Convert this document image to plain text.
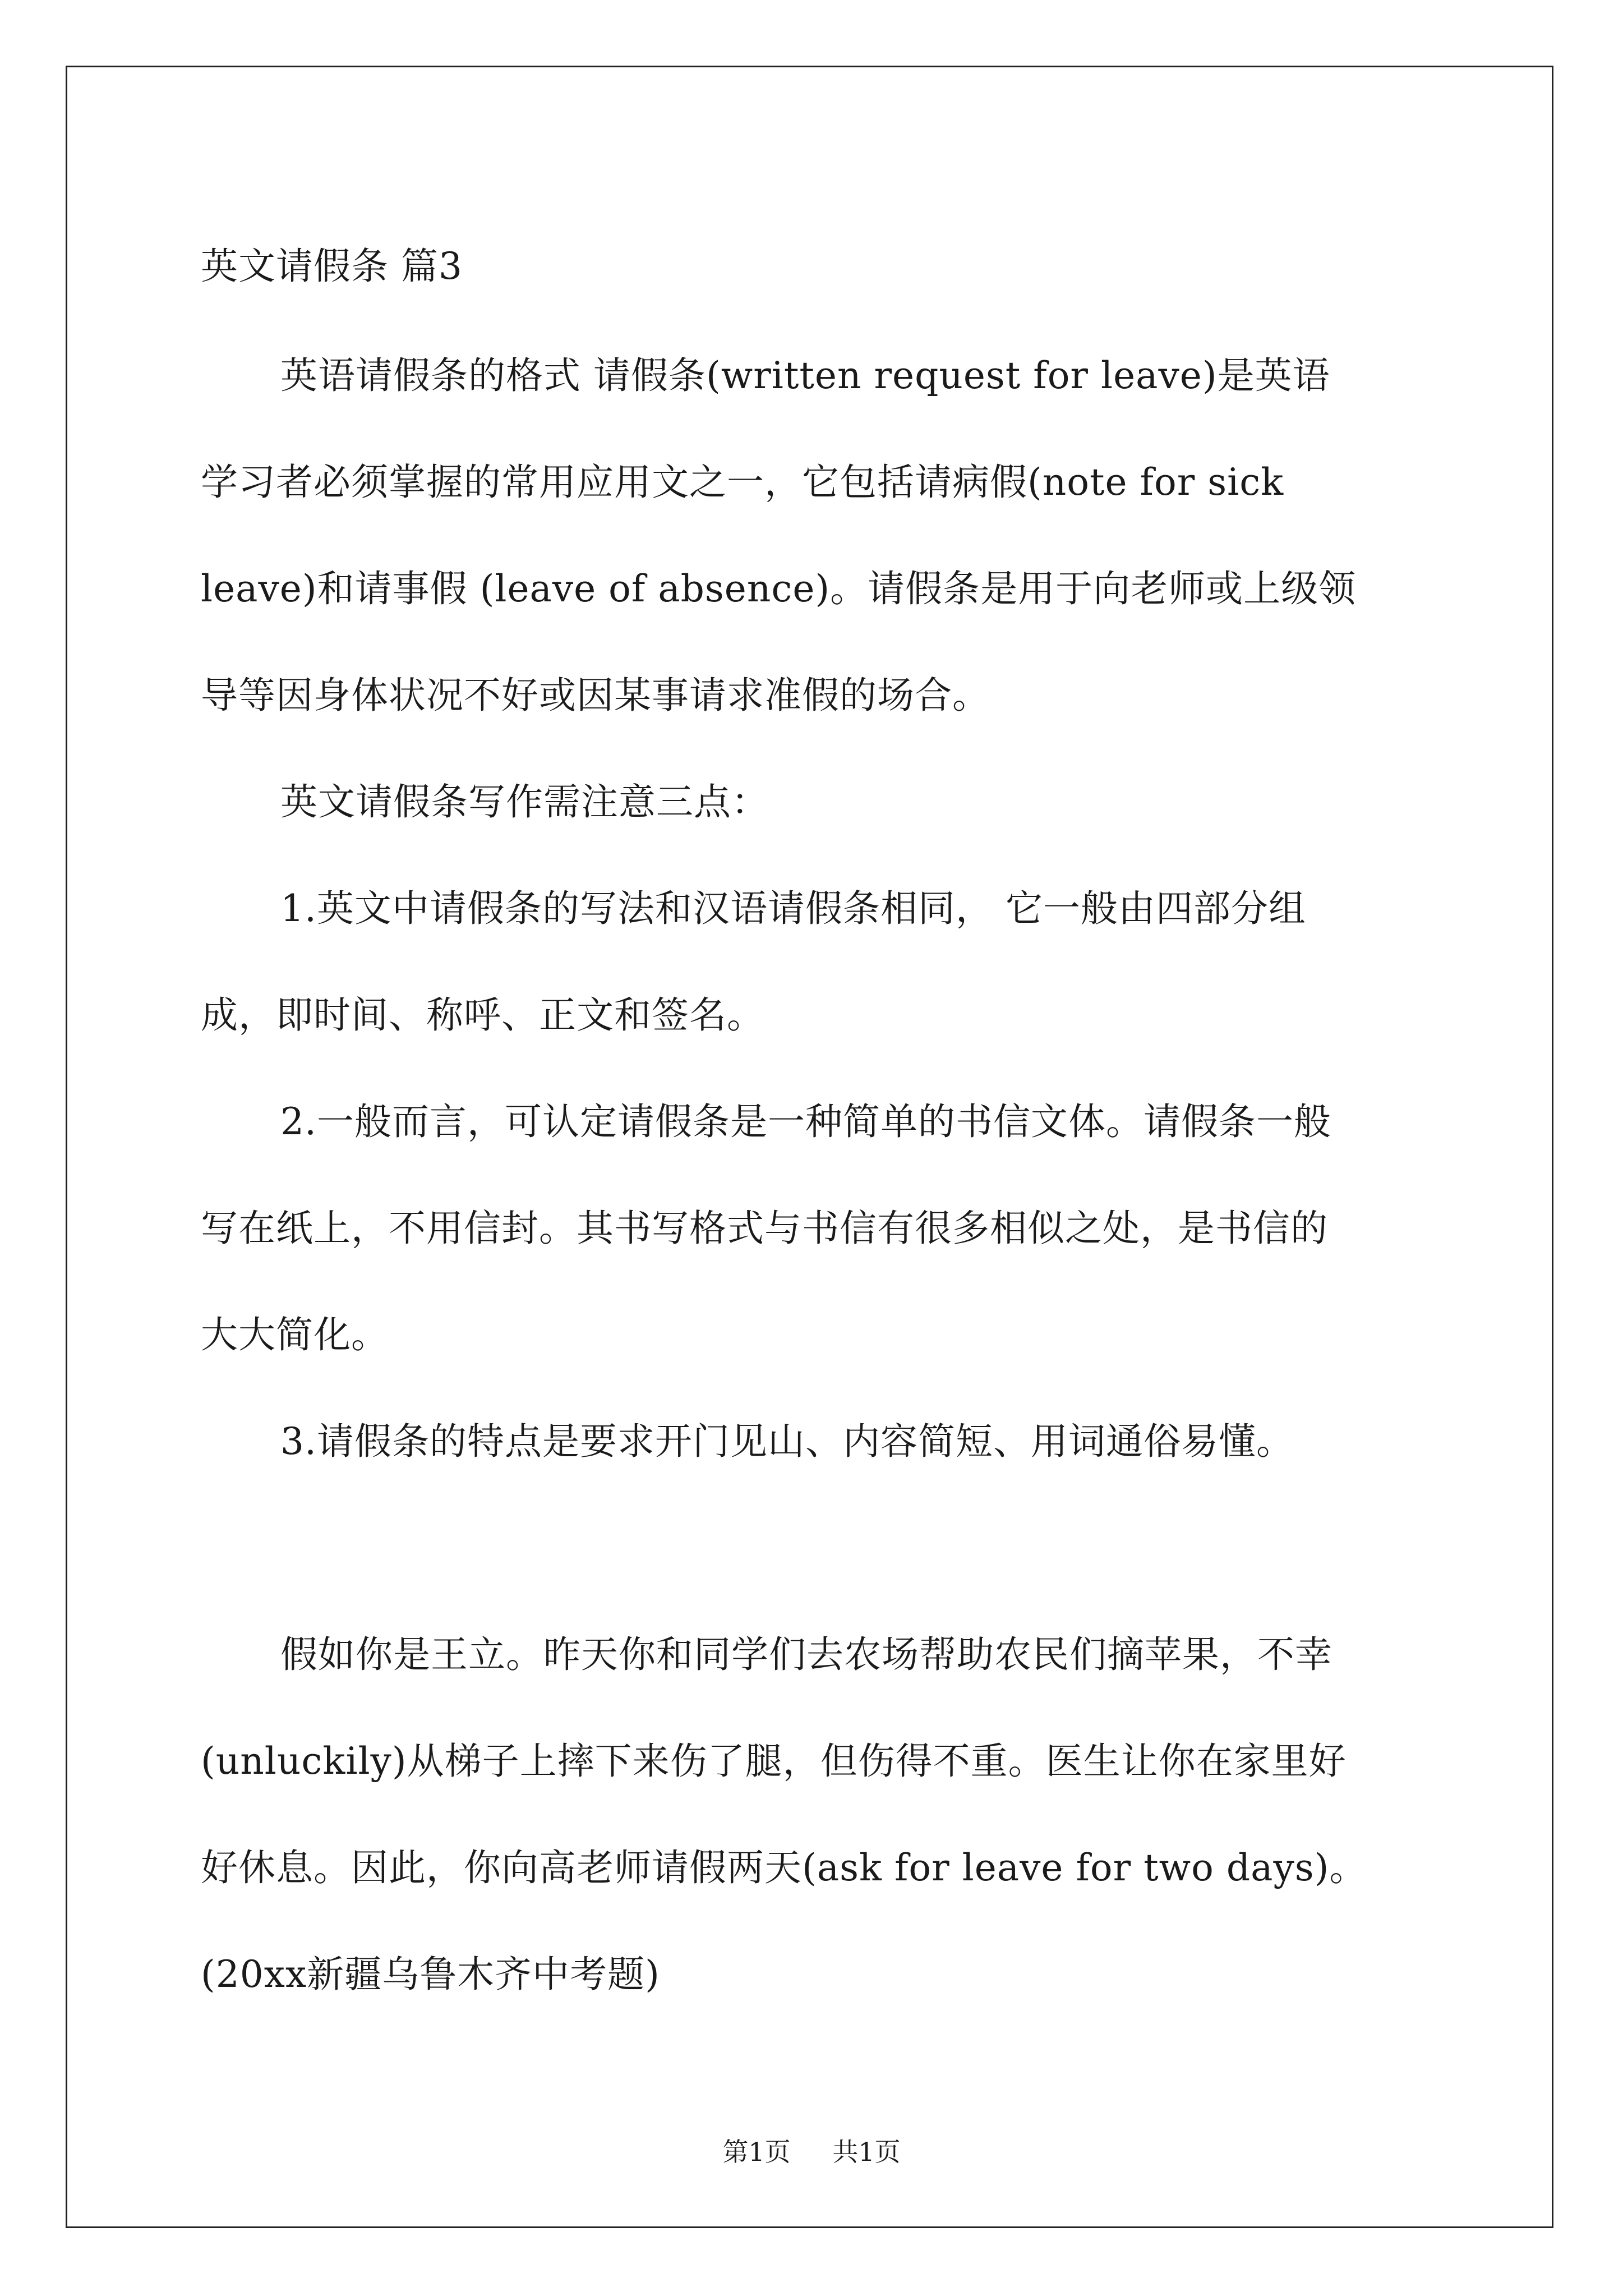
英文请假条 篇3
英语请假条的格式 请假条(written request for leave)是英语
学习者必须掌握的常用应用文之一，它包括请病假(note for sick
leave)和请事假 (leave of absence)。请假条是用于向老师或上级领
导等因身体状况不好或因某事请求准假的场合。
英文请假条写作需注意三点：
1.英文中请假条的写法和汉语请假条相同， 它一般由四部分组
成，即时间、称呼、正文和签名。
2.一般而言，可认定请假条是一种简单的书信文体。请假条一般
写在纸上，不用信封。其书写格式与书信有很多相似之处，是书信的
大大简化。
3.请假条的特点是要求开门见山、内容简短、用词通俗易懂。
假如你是王立。昨天你和同学们去农场帮助农民们摘苹果，不幸
(unluckily)从梯子上摔下来伤了腿，但伤得不重。医生让你在家里好
好休息。因此，你向高老师请假两天(ask for leave for two days)。
(20xx新疆乌鲁木齐中考题)
第1页 共1页
